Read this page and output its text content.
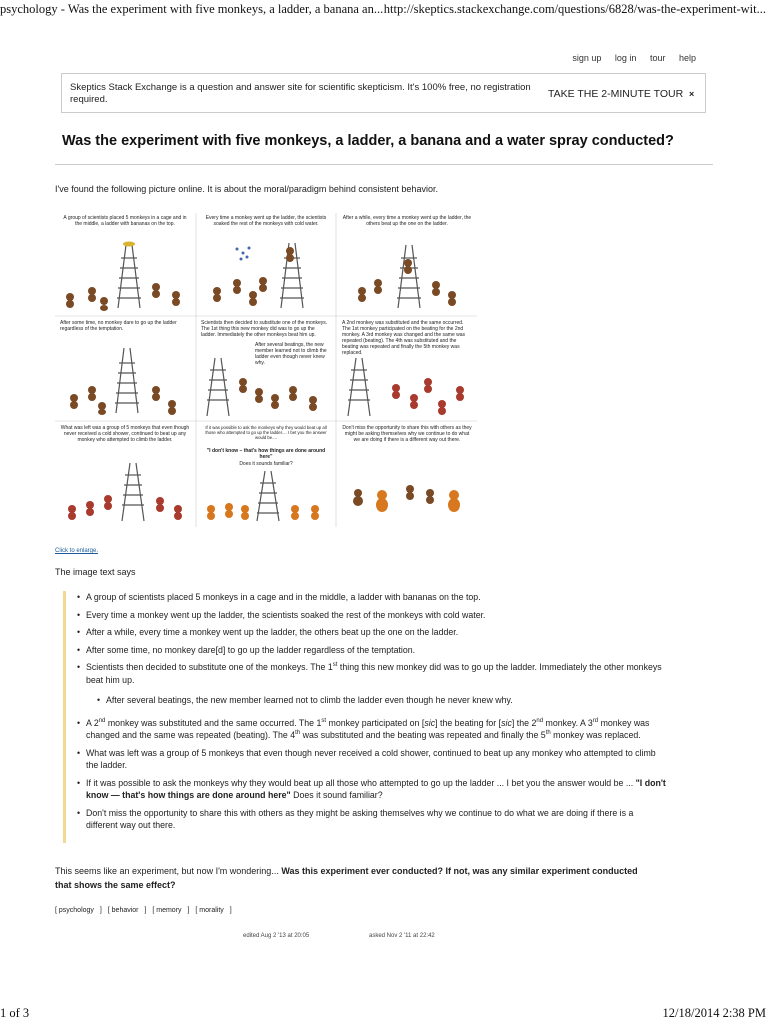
psychology - Was the experiment with five monkeys, a ladder, a banana an... http://skeptics.stackexchange.com/questions/6828/was-the-experiment-wit...
sign up log in tour help
Skeptics Stack Exchange is a question and answer site for scientific skepticism. It's 100% free, no registration required.	TAKE THE 2-MINUTE TOUR ×
Was the experiment with five monkeys, a ladder, a banana and a water spray conducted?
I've found the following picture online. It is about the moral/paradigm behind consistent behavior.
A group of scientists placed 5 monkeys in a cage and in the middle, a ladder with bananas on the top.
Every time a monkey went up the ladder, the scientists soaked the rest of the monkeys with cold water.
After a while, every time a monkey went up the ladder, the others beat up the one on the ladder.
After some time, no monkey dare to go up the ladder regardless of the temptation.
Scientists then decided to substitute one of the monkeys. The 1st thing this new monkey did was to go up the ladder. Immediately the other monkeys beat him up.
After several beatings, the new member learned not to climb the ladder even though never knew why.
A 2nd monkey was substituted and the same occurred. The 1st monkey participated on the beating for the 2nd monkey. A 3rd monkey was changed and the same was repeated (beating). The 4th was substituted and the beating was repeated and finally the 5th monkey was replaced.
What was left was a group of 5 monkeys that even though never received a cold shower, continued to beat up any monkey who attempted to climb the ladder.
If it was possible to ask the monkeys why they would beat up all those who attempted to go up the ladder.... I bet you the answer would be....
"I don't know – that's how things are done around here"
Does it sounds familiar?
Don't miss the opportunity to share this with others as they might be asking themselves why we continue to do what we are doing if there is a different way out there.
Click to enlarge.
The image text says
• A group of scientists placed 5 monkeys in a cage and in the middle, a ladder with bananas on the top.
• Every time a monkey went up the ladder, the scientists soaked the rest of the monkeys with cold water.
• After a while, every time a monkey went up the ladder, the others beat up the one on the ladder.
• After some time, no monkey dare[d] to go up the ladder regardless of the temptation.
• Scientists then decided to substitute one of the monkeys. The 1st thing this new monkey did was to go up the ladder. Immediately the other monkeys beat him up.
• After several beatings, the new member learned not to climb the ladder even though he never knew why.
• A 2nd monkey was substituted and the same occurred. The 1st monkey participated on [sic] the beating for [sic] the 2nd monkey. A 3rd monkey was changed and the same was repeated (beating). The 4th was substituted and the beating was repeated and finally the 5th monkey was replaced.
• What was left was a group of 5 monkeys that even though never received a cold shower, continued to beat up any monkey who attempted to climb the ladder.
• If it was possible to ask the monkeys why they would beat up all those who attempted to go up the ladder ... I bet you the answer would be ... "I don't know — that's how things are done around here" Does it sound familiar?
• Don't miss the opportunity to share this with others as they might be asking themselves why we continue to do what we are doing if there is a different way out there.
This seems like an experiment, but now I'm wondering... Was this experiment ever conducted? If not, was any similar experiment conducted that shows the same effect?
[ psychology ] [ behavior ] [ memory ] [ morality ]
edited Aug 2 '13 at 20:05	asked Nov 2 '11 at 22:42
1 of 3	12/18/2014 2:38 PM
